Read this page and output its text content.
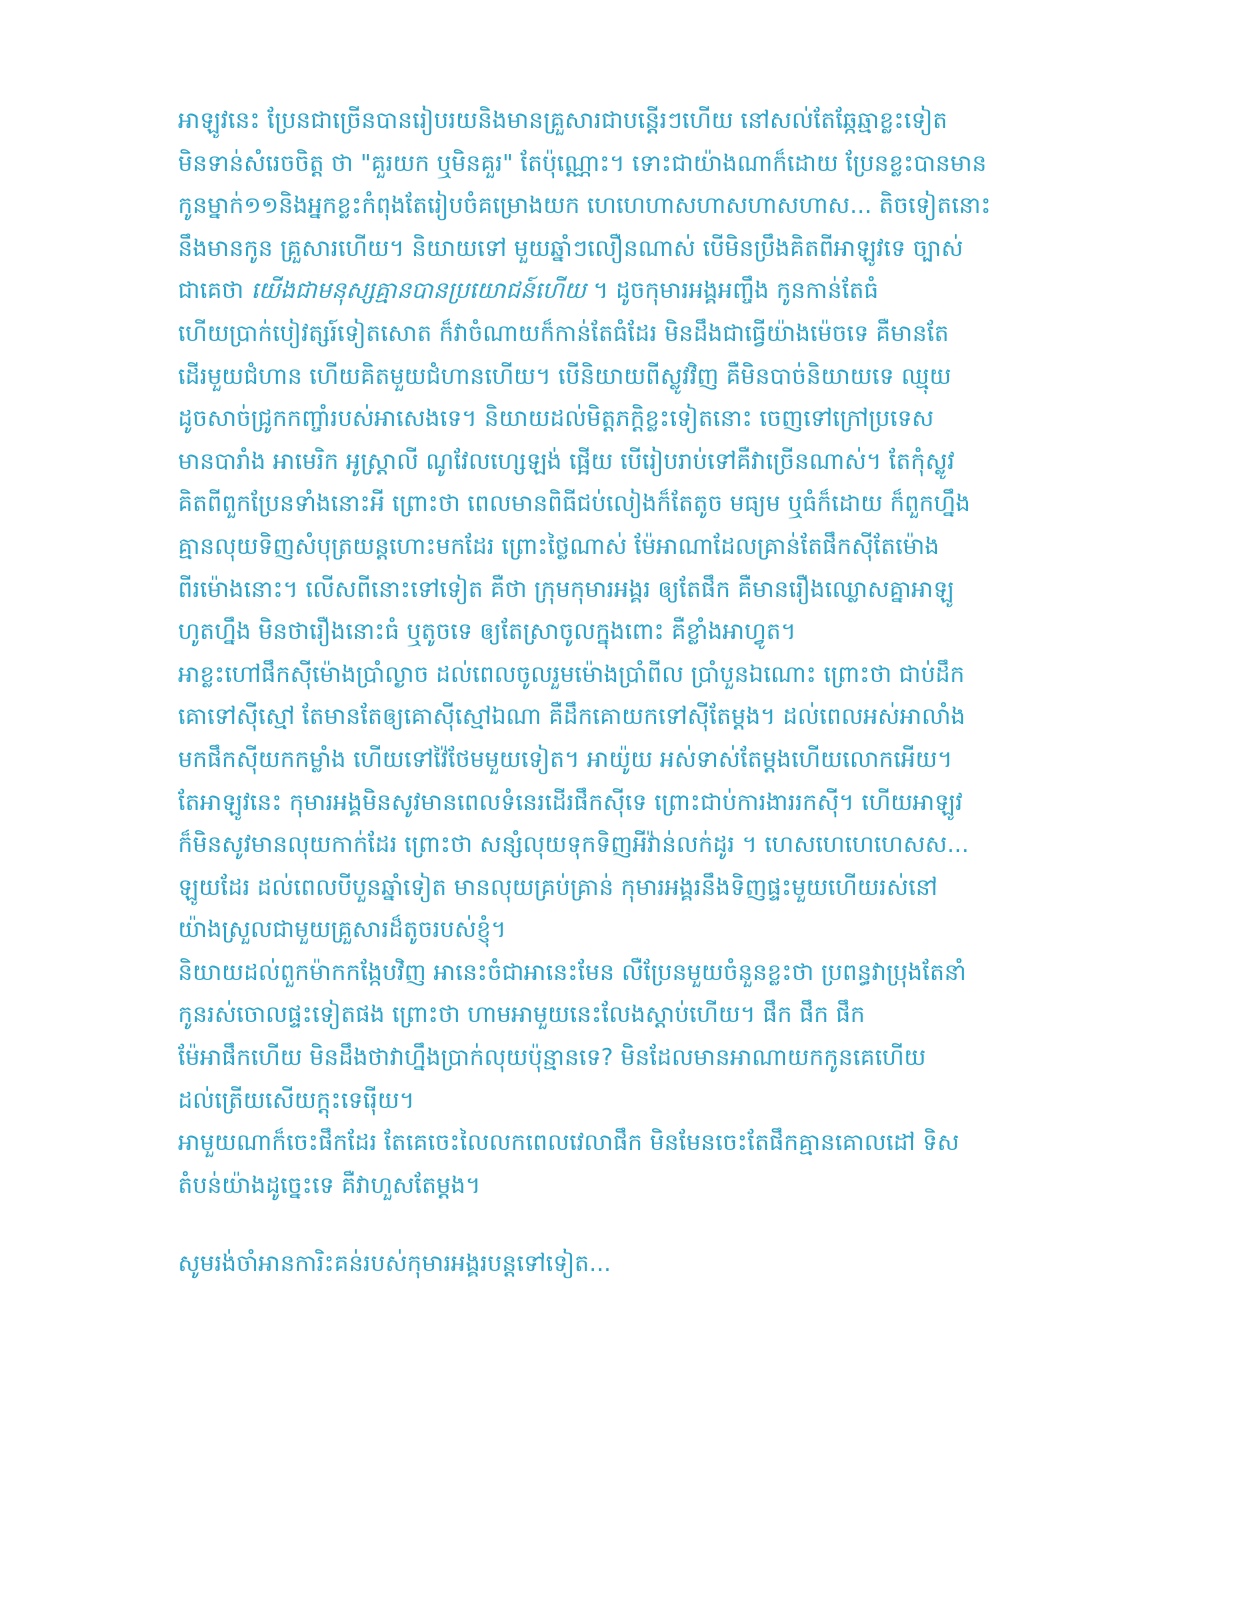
អាឡូវនេះ ប្រែនជាច្រើនបានរៀបរយនិងមានគ្រួសារជាបន្តើរៗហើយ នៅសល់តែឆ្កែឆ្មាខ្លះទៀត
មិនទាន់សំរេចចិត្ត ថា "គួរយក ឬមិនគួរ" តែប៉ុណ្ណោះ។ ទោះជាយ៉ាងណាក៏ដោយ ប្រែនខ្លះបានមាន
កូនម្នាក់១១និងអ្នកខ្លះកំពុងតែរៀបចំគម្រោងយក ហេហេហាសហាសហាសហាស... តិចទៀតនោះ
នឹងមានកូន គ្រួសារហើយ។ និយាយទៅ មួយឆ្នាំៗលឿនណាស់ បើមិនប្រឹងគិតពីអាឡូវទេ ច្បាស់
ជាគេថា យើងជាមនុស្សគ្មានបានប្រយោជន៍ហើយ ។ ដូចកុមារអង្គអញ្ចឹង កូនកាន់តែធំ
ហើយប្រាក់បៀវត្សរ៍ទៀតសោត ក៏វាចំណាយក៏កាន់តែធំដែរ មិនដឹងជាធ្វើយ៉ាងម៉េចទេ គឺមានតែ
ដើរមួយជំហាន ហើយគិតមួយជំហានហើយ។ បើនិយាយពីស្លូវវិញ គឺមិនបាច់និយាយទេ ឈ្មុយ
ដូចសាច់ជ្រូកកញ្ចាំរបស់អាសេងទេ។ និយាយដល់មិត្តភក្តិខ្លះទៀតនោះ ចេញទៅក្រៅប្រទេស
មានបារាំង អាមេរិក អូស្ត្រាលី ណូវែលហ្សេឡង់ ផ្អើយ បើរៀបរាប់ទៅគឺវាច្រើនណាស់។ តែកុំស្លូវ
គិតពីពួកប្រែនទាំងនោះអី ព្រោះថា ពេលមានពិធីជប់លៀងក៏តែតូច មធ្យម ឬធំក៏ដោយ ក៏ពួកហ្នឹង
គ្មានលុយទិញសំបុត្រយន្តហោះមកដែរ ព្រោះថ្លៃណាស់ ម៉ែអាណាដែលគ្រាន់តែផឹកស៊ីតែម៉ោង
ពីរម៉ោងនោះ។ លើសពីនោះទៅទៀត គឺថា ក្រុមកុមារអង្គរ ឲ្យតែផឹក គឺមានរឿងឈ្លោសគ្នាអាឡូ
ហូតហ្នឹង មិនថារឿងនោះធំ ឬតូចទេ ឲ្យតែស្រាចូលក្នុងពោះ គឺខ្លាំងអាហ្វូត។
អាខ្លះហៅផឹកស៊ីម៉ោងប្រាំល្ងាច ដល់ពេលចូលរួមម៉ោងប្រាំពីល ប្រាំបួនឯណោះ ព្រោះថា ជាប់ដឹក
គោទៅស៊ីស្មៅ តែមានតែឲ្យគោស៊ីស្មៅឯណា គឺដឹកគោយកទៅស៊ីតែម្តង។ ដល់ពេលអស់អាលាំង
មកផឹកស៊ីយកកម្លាំង ហើយទៅវ៉ៃថែមមួយទៀត។ អាយ៉ូយ អស់ទាស់តែម្តងហើយលោកអើយ។
តែអាឡូវនេះ កុមារអង្គមិនសូវមានពេលទំនេរដើរផឹកស៊ីទេ ព្រោះជាប់ការងាររកស៊ី។ ហើយអាឡូវ
ក៏មិនសូវមានលុយកាក់ដែរ ព្រោះថា សន្សំលុយទុកទិញអីវ៉ាន់លក់ដូរ ។ ហេសហេហេហេសស...
ឡូយដែរ ដល់ពេលបីបួនឆ្នាំទៀត មានលុយគ្រប់គ្រាន់ កុមារអង្គរនឹងទិញផ្ទះមួយហើយរស់នៅ
យ៉ាងស្រួលជាមួយគ្រួសារដ៏តូចរបស់ខ្ញុំ។
និយាយដល់ពួកម៉ាកកង្កែបវិញ អានេះចំជាអានេះមែន លឺប្រែនមួយចំនួនខ្លះថា ប្រពន្ធវាប្រុងតែនាំ
កូនរស់ចោលផ្ទះទៀតផង ព្រោះថា ហាមអាមួយនេះលែងស្តាប់ហើយ។ ផឹក ផឹក ផឹក
ម៉ែអាផឹកហើយ មិនដឹងថាវាហ្នឹងប្រាក់លុយប៉ុន្មានទេ? មិនដែលមានអាណាយកកូនគេហើយ
ដល់ត្រើយសើយក្តុះទេរ៉ើយ។
អាមួយណាក៏ចេះផឹកដែរ តែគេចេះលៃលកពេលវេលាផឹក មិនមែនចេះតែផឹកគ្មានគោលដៅ ទិស
តំបន់យ៉ាងដូច្នេះទេ គឺវាហួសតែម្តង។
សូមរង់ចាំអានការិះគន់របស់កុមារអង្គរបន្តទៅទៀត...
